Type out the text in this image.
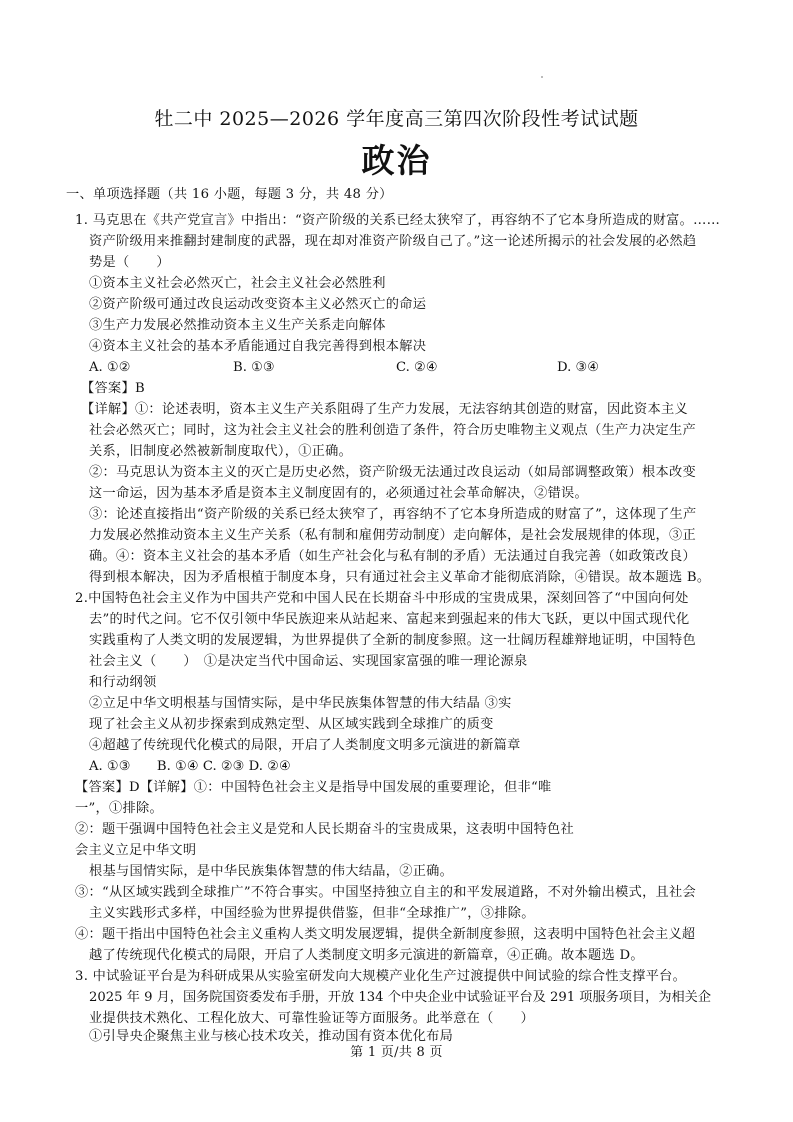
牡二中 2025—2026 学年度高三第四次阶段性考试试题
政治
一、单项选择题（共 16 小题，每题 3 分，共 48 分）
1. 马克思在《共产党宣言》中指出：“资产阶级的关系已经太狭窄了，再容纳不了它本身所造成的财富。……
资产阶级用来推翻封建制度的武器，现在却对准资产阶级自己了。”这一论述所揭示的社会发展的必然趋
势是（　　）
①资本主义社会必然灭亡，社会主义社会必然胜利
②资产阶级可通过改良运动改变资本主义必然灭亡的命运
③生产力发展必然推动资本主义生产关系走向解体
④资本主义社会的基本矛盾能通过自我完善得到根本解决
A. ①②	B. ①③	C. ②④	D. ③④
【答案】B
【详解】①：论述表明，资本主义生产关系阻碍了生产力发展，无法容纳其创造的财富，因此资本主义
社会必然灭亡；同时，这为社会主义社会的胜利创造了条件，符合历史唯物主义观点（生产力决定生产
关系，旧制度必然被新制度取代），①正确。
②：马克思认为资本主义的灭亡是历史必然，资产阶级无法通过改良运动（如局部调整政策）根本改变
这一命运，因为基本矛盾是资本主义制度固有的，必须通过社会革命解决，②错误。
③：论述直接指出“资产阶级的关系已经太狭窄了，再容纳不了它本身所造成的财富了”，这体现了生产
力发展必然推动资本主义生产关系（私有制和雇佣劳动制度）走向解体，是社会发展规律的体现，③正
确。④：资本主义社会的基本矛盾（如生产社会化与私有制的矛盾）无法通过自我完善（如政策改良）
得到根本解决，因为矛盾根植于制度本身，只有通过社会主义革命才能彻底消除，④错误。故本题选 B。
2.中国特色社会主义作为中国共产党和中国人民在长期奋斗中形成的宝贵成果，深刻回答了“中国向何处
去”的时代之问。它不仅引领中华民族迎来从站起来、富起来到强起来的伟大飞跃，更以中国式现代化
实践重构了人类文明的发展逻辑，为世界提供了全新的制度参照。这一壮阔历程雄辩地证明，中国特色
社会主义（　　）　①是决定当代中国命运、实现国家富强的唯一理论源泉
和行动纲领
②立足中华文明根基与国情实际，是中华民族集体智慧的伟大结晶 ③实
现了社会主义从初步探索到成熟定型、从区域实践到全球推广的质变
④超越了传统现代化模式的局限，开启了人类制度文明多元演进的新篇章
A. ①③　　B. ①④ C. ②③ D. ②④
【答案】D【详解】①：中国特色社会主义是指导中国发展的重要理论，但非“唯
一”，①排除。
②：题干强调中国特色社会主义是党和人民长期奋斗的宝贵成果，这表明中国特色社
会主义立足中华文明
根基与国情实际，是中华民族集体智慧的伟大结晶，②正确。
③：“从区域实践到全球推广”不符合事实。中国坚持独立自主的和平发展道路，不对外输出模式，且社会
主义实践形式多样，中国经验为世界提供借鉴，但非“全球推广”，③排除。
④：题干指出中国特色社会主义重构人类文明发展逻辑，提供全新制度参照，这表明中国特色社会主义超
越了传统现代化模式的局限，开启了人类制度文明多元演进的新篇章，④正确。故本题选 D。
3. 中试验证平台是为科研成果从实验室研发向大规模产业化生产过渡提供中间试验的综合性支撑平台。
2025 年 9 月，国务院国资委发布手册，开放 134 个中央企业中试验证平台及 291 项服务项目，为相关企
业提供技术熟化、工程化放大、可靠性验证等方面服务。此举意在（　　）
①引导央企聚焦主业与核心技术攻关，推动国有资本优化布局
第 1 页/共 8 页
